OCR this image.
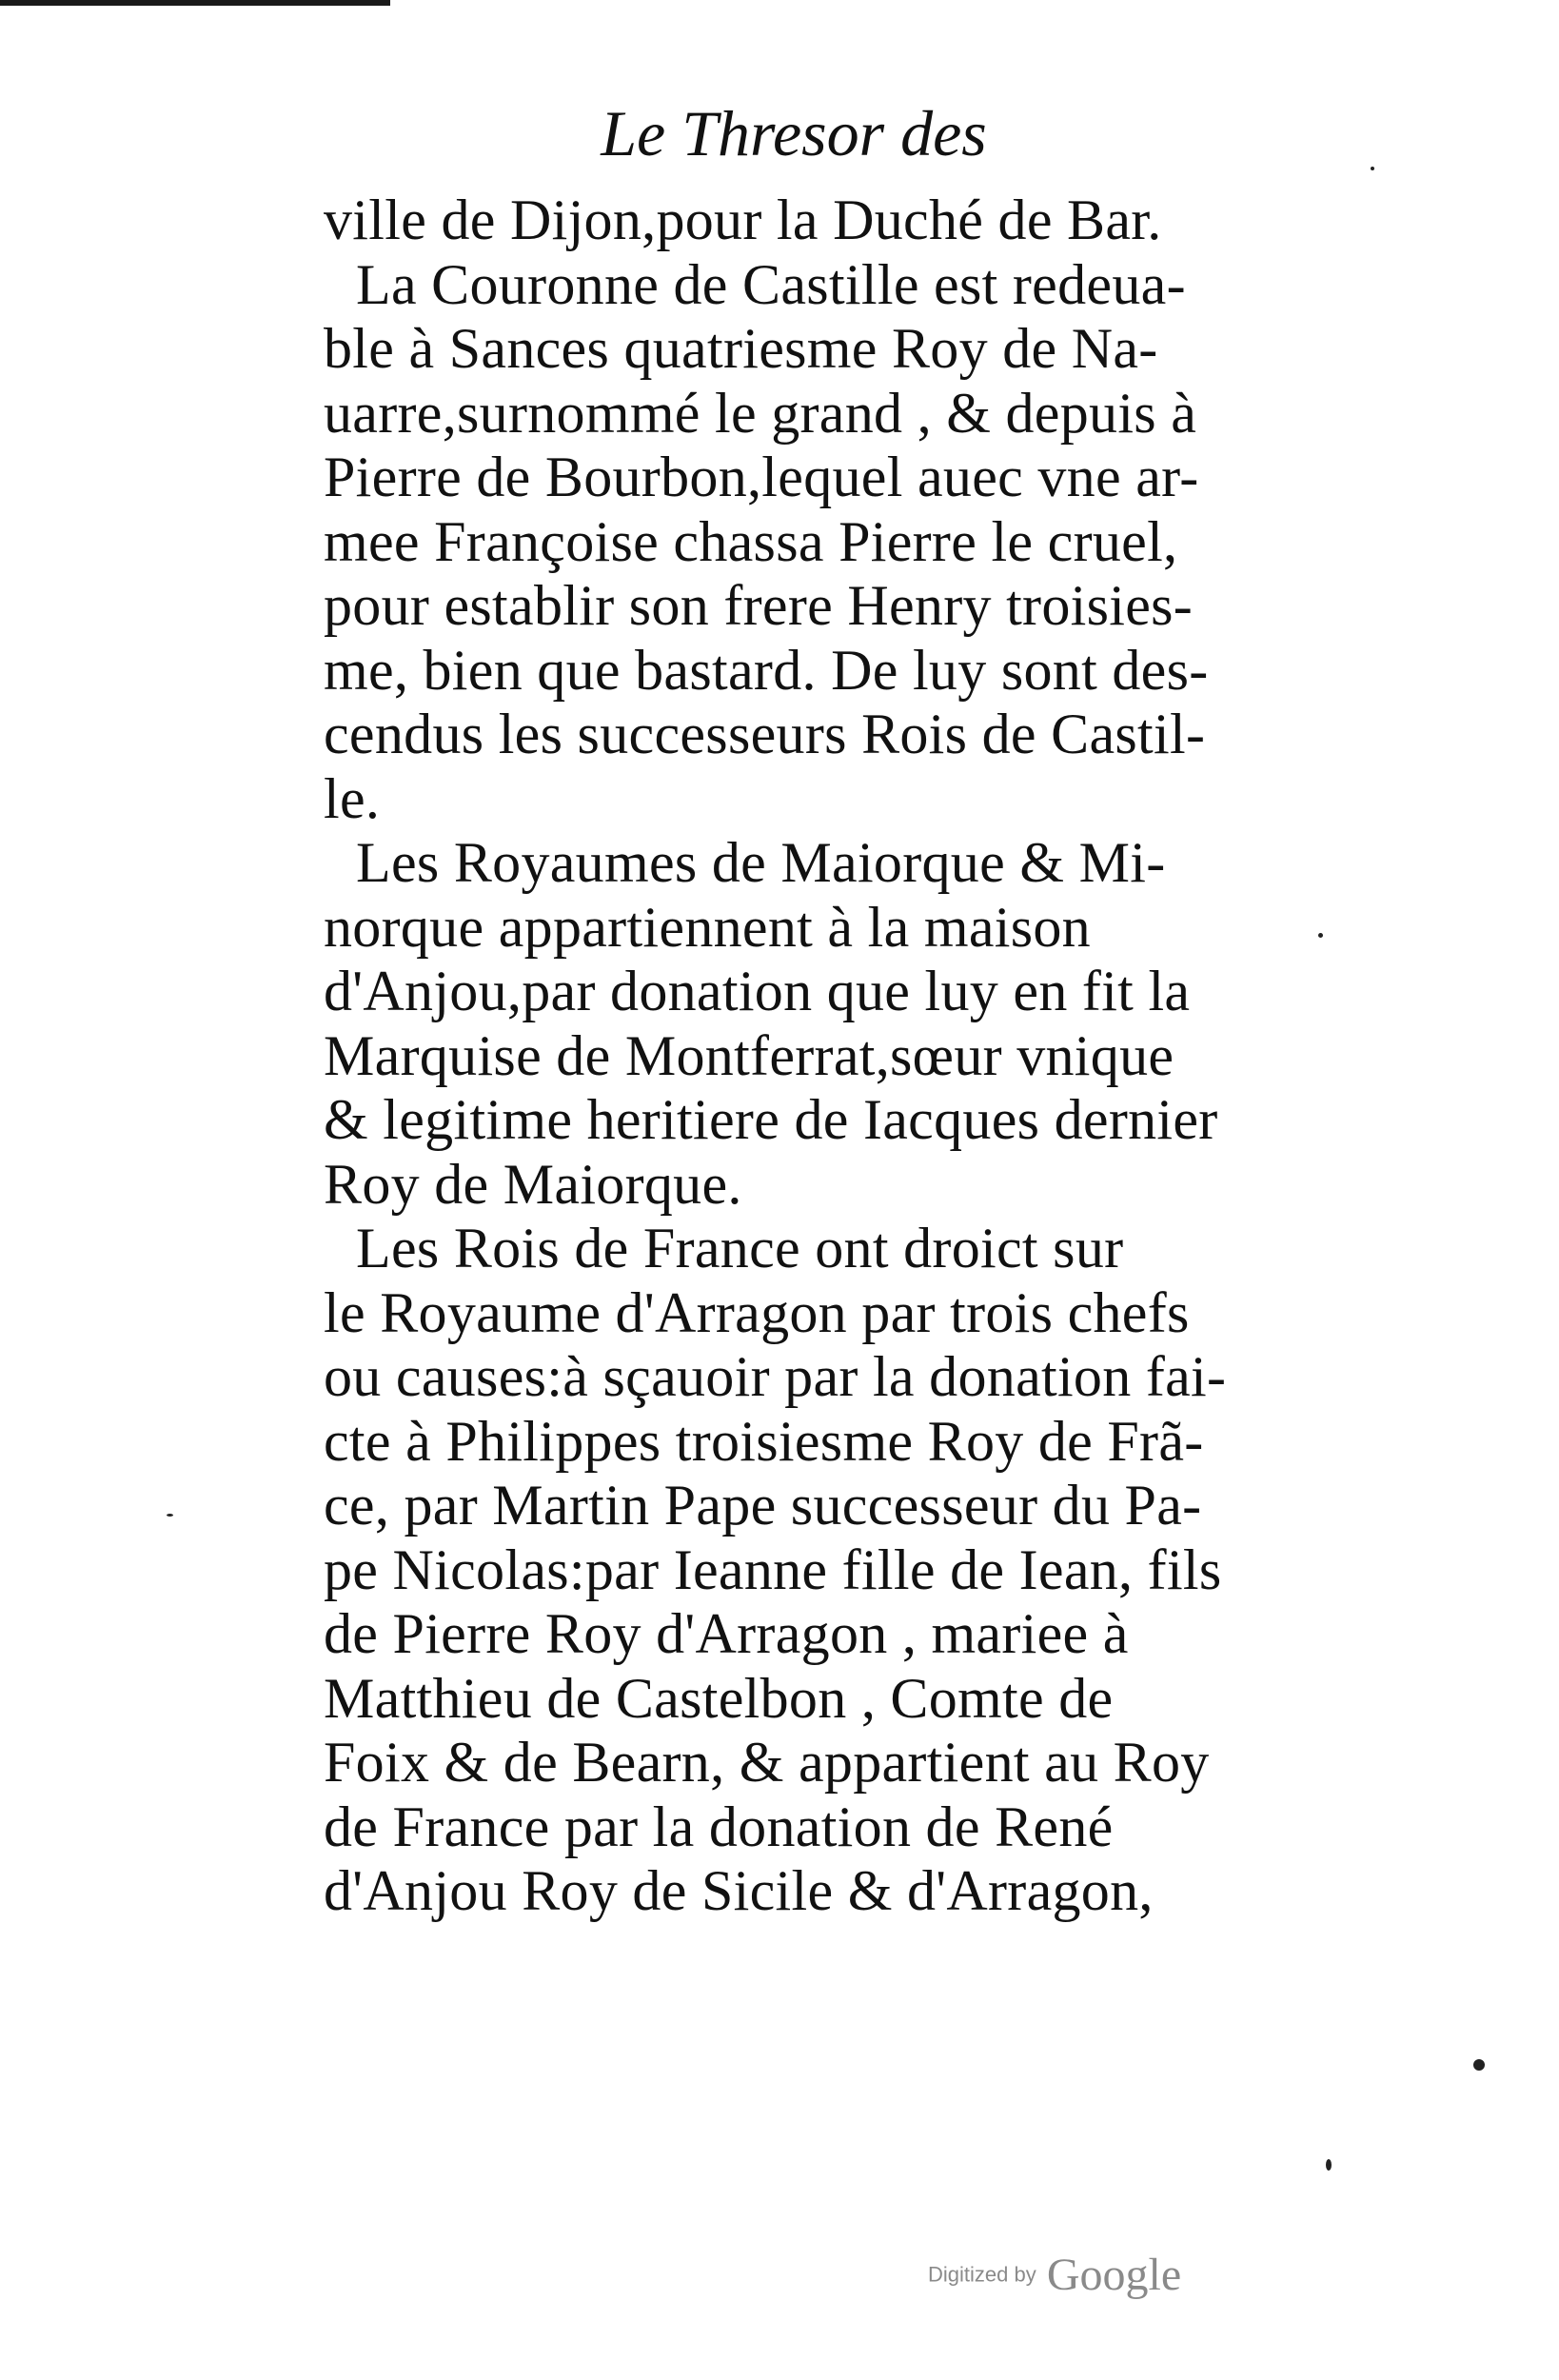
Le Thresor des
ville de Dijon,pour la Duché de Bar.
La Couronne de Castille est redeua-
ble à Sances quatriesme Roy de Na-
uarre,surnommé le grand , & depuis à
Pierre de Bourbon,lequel auec vne ar-
mee Françoise chassa Pierre le cruel,
pour establir son frere Henry troisies-
me, bien que bastard. De luy sont des-
cendus les successeurs Rois de Castil-
le.
Les Royaumes de Maiorque & Mi-
norque appartiennent à la maison
d'Anjou,par donation que luy en fit la
Marquise de Montferrat,sœur vnique
& legitime heritiere de Iacques dernier
Roy de Maiorque.
Les Rois de France ont droict sur
le Royaume d'Arragon par trois chefs
ou causes:à sçauoir par la donation fai-
cte à Philippes troisiesme Roy de Frã-
ce, par Martin Pape successeur du Pa-
pe Nicolas:par Ieanne fille de Iean, fils
de Pierre Roy d'Arragon , mariee à
Matthieu de Castelbon , Comte de
Foix & de Bearn, & appartient au Roy
de France par la donation de René
d'Anjou Roy de Sicile & d'Arragon,
Digitized by Google
